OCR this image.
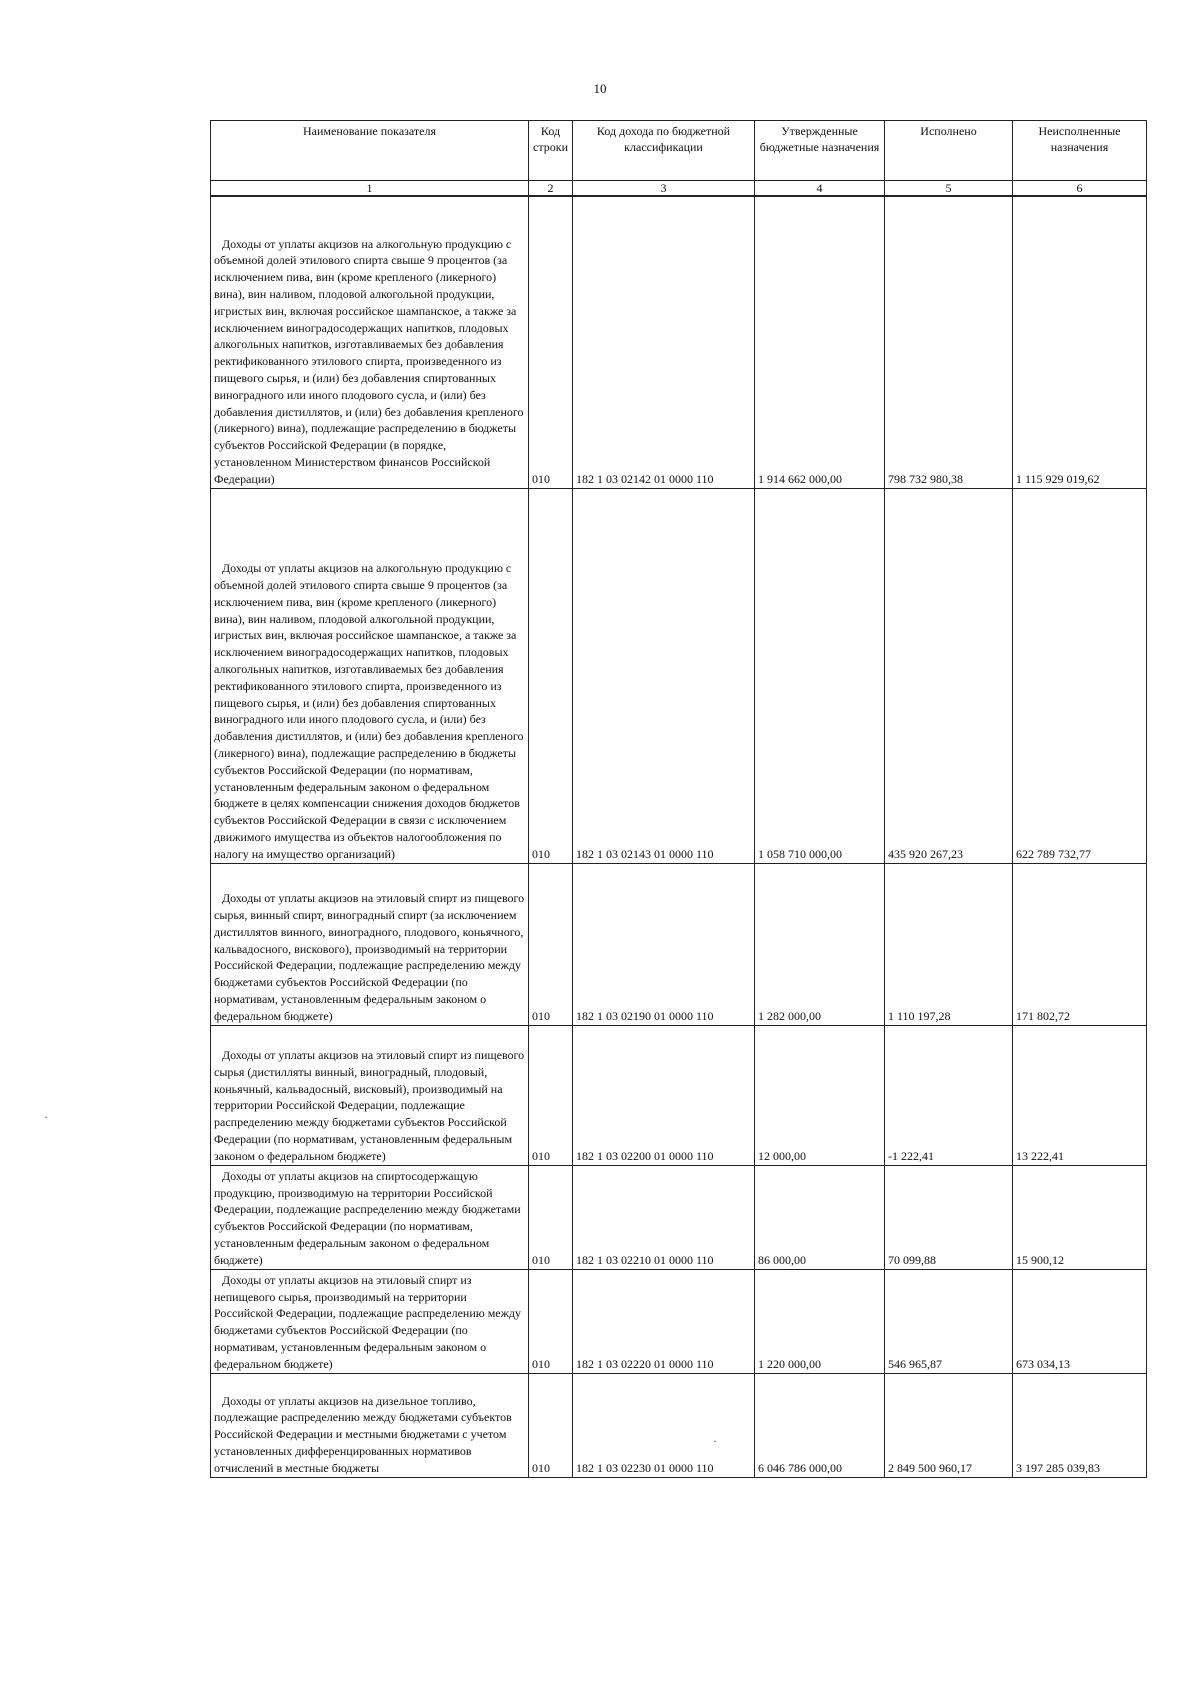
10
Наименование показателя	Код строки	Код дохода по бюджетной классификации	Утвержденные бюджетные назначения	Исполнено	Неисполненные назначения
1	2	3	4	5	6
Доходы от уплаты акцизов на алкогольную продукцию с объемной долей этилового спирта свыше 9 процентов (за исключением пива, вин (кроме крепленого (ликерного) вина), вин наливом, плодовой алкогольной продукции, игристых вин, включая российское шампанское, а также за исключением виноградосодержащих напитков, плодовых алкогольных напитков, изготавливаемых без добавления ректификованного этилового спирта, произведенного из пищевого сырья, и (или) без добавления спиртованных виноградного или иного плодового сусла, и (или) без добавления дистиллятов, и (или) без добавления крепленого (ликерного) вина), подлежащие распределению в бюджеты субъектов Российской Федерации (в порядке, установленном Министерством финансов Российской Федерации)	010	182 1 03 02142 01 0000 110	1 914 662 000,00	798 732 980,38	1 115 929 019,62
Доходы от уплаты акцизов на алкогольную продукцию с объемной долей этилового спирта свыше 9 процентов (за исключением пива, вин (кроме крепленого (ликерного) вина), вин наливом, плодовой алкогольной продукции, игристых вин, включая российское шампанское, а также за исключением виноградосодержащих напитков, плодовых алкогольных напитков, изготавливаемых без добавления ректификованного этилового спирта, произведенного из пищевого сырья, и (или) без добавления спиртованных виноградного или иного плодового сусла, и (или) без добавления дистиллятов, и (или) без добавления крепленого (ликерного) вина), подлежащие распределению в бюджеты субъектов Российской Федерации (по нормативам, установленным федеральным законом о федеральном бюджете в целях компенсации снижения доходов бюджетов субъектов Российской Федерации в связи с исключением движимого имущества из объектов налогообложения по налогу на имущество организаций)	010	182 1 03 02143 01 0000 110	1 058 710 000,00	435 920 267,23	622 789 732,77
Доходы от уплаты акцизов на этиловый спирт из пищевого сырья, винный спирт, виноградный спирт (за исключением дистиллятов винного, виноградного, плодового, коньячного, кальвадосного, вискового), производимый на территории Российской Федерации, подлежащие распределению между бюджетами субъектов Российской Федерации (по нормативам, установленным федеральным законом о федеральном бюджете)	010	182 1 03 02190 01 0000 110	1 282 000,00	1 110 197,28	171 802,72
Доходы от уплаты акцизов на этиловый спирт из пищевого сырья (дистилляты винный, виноградный, плодовый, коньячный, кальвадосный, висковый), производимый на территории Российской Федерации, подлежащие распределению между бюджетами субъектов Российской Федерации (по нормативам, установленным федеральным законом о федеральном бюджете)	010	182 1 03 02200 01 0000 110	12 000,00	-1 222,41	13 222,41
Доходы от уплаты акцизов на спиртосодержащую продукцию, производимую на территории Российской Федерации, подлежащие распределению между бюджетами субъектов Российской Федерации (по нормативам, установленным федеральным законом о федеральном бюджете)	010	182 1 03 02210 01 0000 110	86 000,00	70 099,88	15 900,12
Доходы от уплаты акцизов на этиловый спирт из непищевого сырья, производимый на территории Российской Федерации, подлежащие распределению между бюджетами субъектов Российской Федерации (по нормативам, установленным федеральным законом о федеральном бюджете)	010	182 1 03 02220 01 0000 110	1 220 000,00	546 965,87	673 034,13
Доходы от уплаты акцизов на дизельное топливо, подлежащие распределению между бюджетами субъектов Российской Федерации и местными бюджетами с учетом установленных дифференцированных нормативов отчислений в местные бюджеты	010	182 1 03 02230 01 0000 110	6 046 786 000,00	2 849 500 960,17	3 197 285 039,83
·
·
